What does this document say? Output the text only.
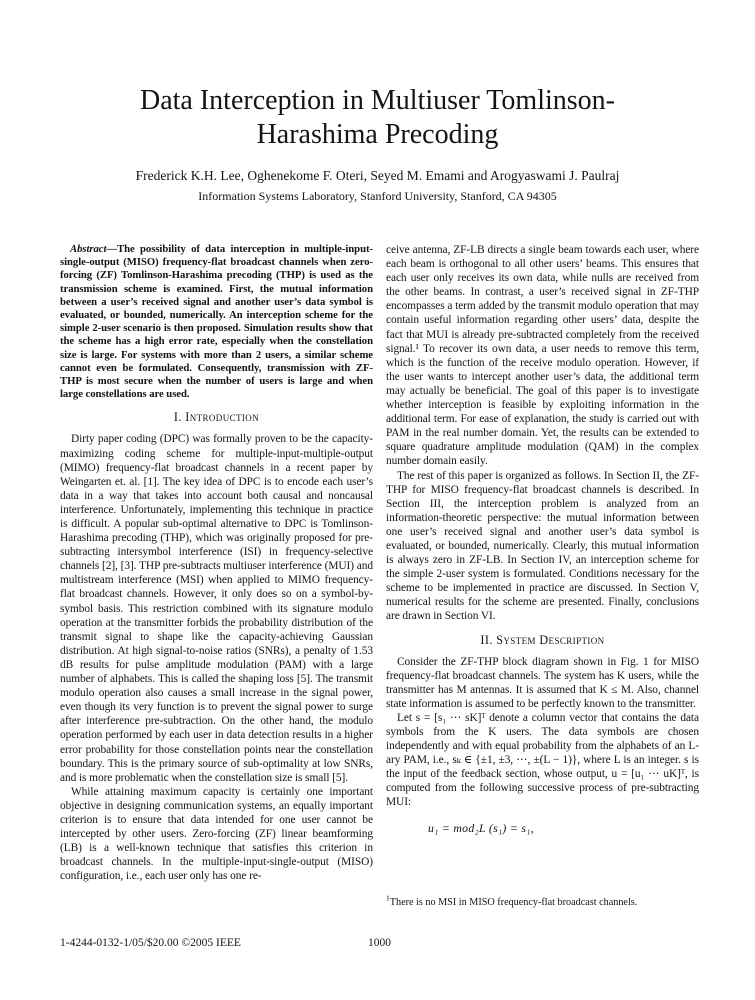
Data Interception in Multiuser Tomlinson-Harashima Precoding
Frederick K.H. Lee, Oghenekome F. Oteri, Seyed M. Emami and Arogyaswami J. Paulraj
Information Systems Laboratory, Stanford University, Stanford, CA 94305

Abstract—The possibility of data interception in multiple-input-single-output (MISO) frequency-flat broadcast channels when zero-forcing (ZF) Tomlinson-Harashima precoding (THP) is used as the transmission scheme is examined. First, the mutual information between a user’s received signal and another user’s data symbol is evaluated, or bounded, numerically. An interception scheme for the simple 2-user scenario is then proposed. Simulation results show that the scheme has a high error rate, especially when the constellation size is large. For systems with more than 2 users, a similar scheme cannot even be formulated. Consequently, transmission with ZF-THP is most secure when the number of users is large and when large constellations are used.

I. Introduction

Dirty paper coding (DPC) was formally proven to be the capacity-maximizing coding scheme for multiple-input-multiple-output (MIMO) frequency-flat broadcast channels in a recent paper by Weingarten et. al. [1]. The key idea of DPC is to encode each user’s data in a way that takes into account both causal and noncausal interference. Unfortunately, implementing this technique in practice is difficult. A popular sub-optimal alternative to DPC is Tomlinson-Harashima precoding (THP), which was originally proposed for pre-subtracting intersymbol interference (ISI) in frequency-selective channels [2], [3]. THP pre-subtracts multiuser interference (MUI) and multistream interference (MSI) when applied to MIMO frequency-flat broadcast channels. However, it only does so on a symbol-by-symbol basis. This restriction combined with its signature modulo operation at the transmitter forbids the probability distribution of the transmit signal to shape like the capacity-achieving Gaussian distribution. At high signal-to-noise ratios (SNRs), a penalty of 1.53 dB results for pulse amplitude modulation (PAM) with a large number of alphabets. This is called the shaping loss [5]. The transmit modulo operation also causes a small increase in the signal power, even though its very function is to prevent the signal power to surge after interference pre-subtraction. On the other hand, the modulo operation performed by each user in data detection results in a higher error probability for those constellation points near the constellation boundary. This is the primary source of sub-optimality at low SNRs, and is more problematic when the constellation size is small [5].

While attaining maximum capacity is certainly one important objective in designing communication systems, an equally important criterion is to ensure that data intended for one user cannot be intercepted by other users. Zero-forcing (ZF) linear beamforming (LB) is a well-known technique that satisfies this criterion in broadcast channels. In the multiple-input-single-output (MISO) configuration, i.e., each user only has one re-

ceive antenna, ZF-LB directs a single beam towards each user, where each beam is orthogonal to all other users’ beams. This ensures that each user only receives its own data, while nulls are received from the other beams. In contrast, a user’s received signal in ZF-THP encompasses a term added by the transmit modulo operation that may contain useful information regarding other users’ data, despite the fact that MUI is already pre-subtracted completely from the received signal.¹ To recover its own data, a user needs to remove this term, which is the function of the receive modulo operation. However, if the user wants to intercept another user’s data, the additional term may actually be beneficial. The goal of this paper is to investigate whether interception is feasible by exploiting information in the additional term. For ease of explanation, the study is carried out with PAM in the real number domain. Yet, the results can be extended to square quadrature amplitude modulation (QAM) in the complex number domain easily.

The rest of this paper is organized as follows. In Section II, the ZF-THP for MISO frequency-flat broadcast channels is described. In Section III, the interception problem is analyzed from an information-theoretic perspective: the mutual information between one user’s received signal and another user’s data symbol is evaluated, or bounded, numerically. Clearly, this mutual information is always zero in ZF-LB. In Section IV, an interception scheme for the simple 2-user system is formulated. Conditions necessary for the scheme to be implemented in practice are discussed. In Section V, numerical results for the scheme are presented. Finally, conclusions are drawn in Section VI.

II. System Description

Consider the ZF-THP block diagram shown in Fig. 1 for MISO frequency-flat broadcast channels. The system has K users, while the transmitter has M antennas. It is assumed that K ≤ M. Also, channel state information is assumed to be perfectly known to the transmitter.

Let s = [s₁ ⋯ sK]ᵀ denote a column vector that contains the data symbols from the K users. The data symbols are chosen independently and with equal probability from the alphabets of an L-ary PAM, i.e., sₖ ∈ {±1, ±3, ⋯, ±(L − 1)}, where L is an integer. s is the input of the feedback section, whose output, u = [u₁ ⋯ uK]ᵀ, is computed from the following successive process of pre-subtracting MUI:

u₁ = mod₂L (s₁) = s₁,
$^1$There is no MSI in MISO frequency-flat broadcast channels.
1-4244-0132-1/05/$20.00 ©2005 IEEE	1000
